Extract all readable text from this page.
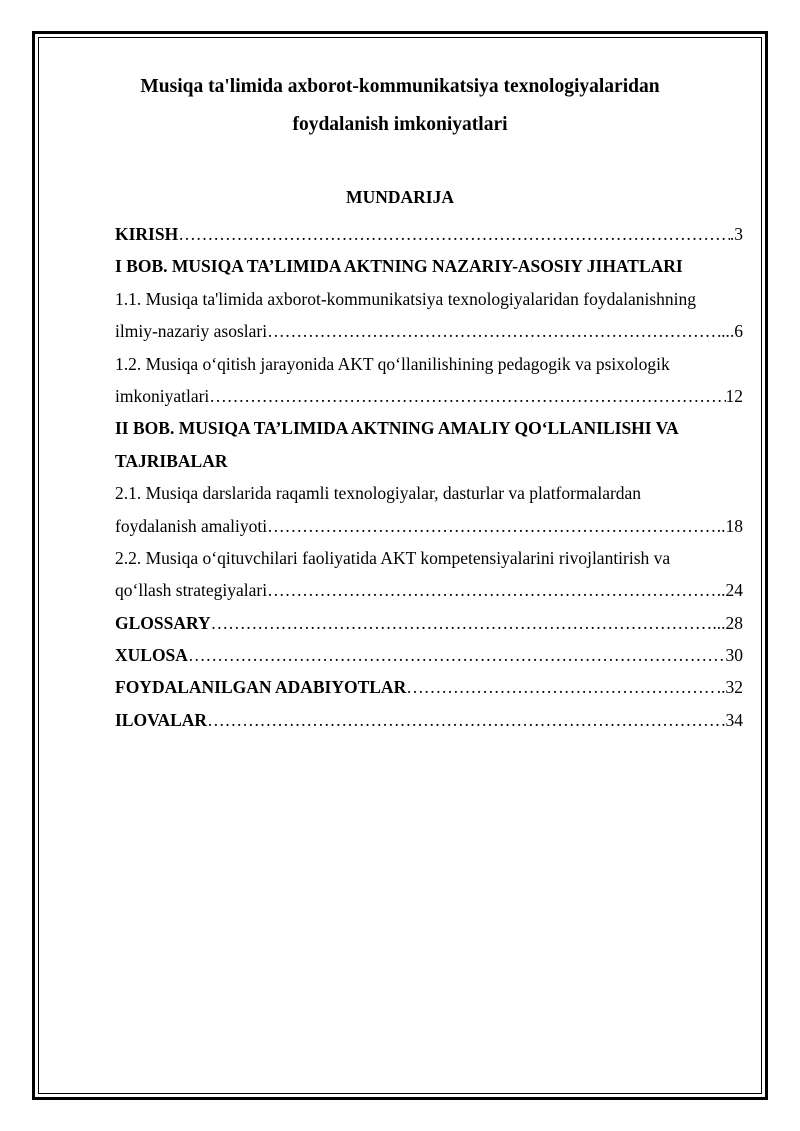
Musiqa ta'limida axborot-kommunikatsiya texnologiyalaridan
foydalanish imkoniyatlari
MUNDARIJA
KIRISH …………………………………………………………………………………………………………………………………………………………………………………………………………………	.3
I BOB. MUSIQA TA’LIMIDA AKTNING NAZARIY-ASOSIY JIHATLARI
1.1. Musiqa ta'limida axborot-kommunikatsiya texnologiyalaridan foydalanishning
ilmiy-nazariy asoslari …………………………………………………………………………………………………………………………………………………………………………………………………………………	...6
1.2. Musiqa o‘qitish jarayonida AKT qo‘llanilishining pedagogik va psixologik
imkoniyatlari …………………………………………………………………………………………………………………………………………………………………………………………………………………	12
II BOB. MUSIQA TA’LIMIDA AKTNING AMALIY QO‘LLANILISHI VA
TAJRIBALAR
2.1. Musiqa darslarida raqamli texnologiyalar, dasturlar va platformalardan
foydalanish amaliyoti …………………………………………………………………………………………………………………………………………………………………………………………………………………	..18
2.2. Musiqa o‘qituvchilari faoliyatida AKT kompetensiyalarini rivojlantirish va
qo‘llash strategiyalari …………………………………………………………………………………………………………………………………………………………………………………………………………………	..24
GLOSSARY …………………………………………………………………………………………………………………………………………………………………………………………………………………	...28
XULOSA …………………………………………………………………………………………………………………………………………………………………………………………………………………	30
FOYDALANILGAN ADABIYOTLAR …………………………………………………………………………………………………………………………………………………………………………………………………………………	..32
ILOVALAR …………………………………………………………………………………………………………………………………………………………………………………………………………………	34
